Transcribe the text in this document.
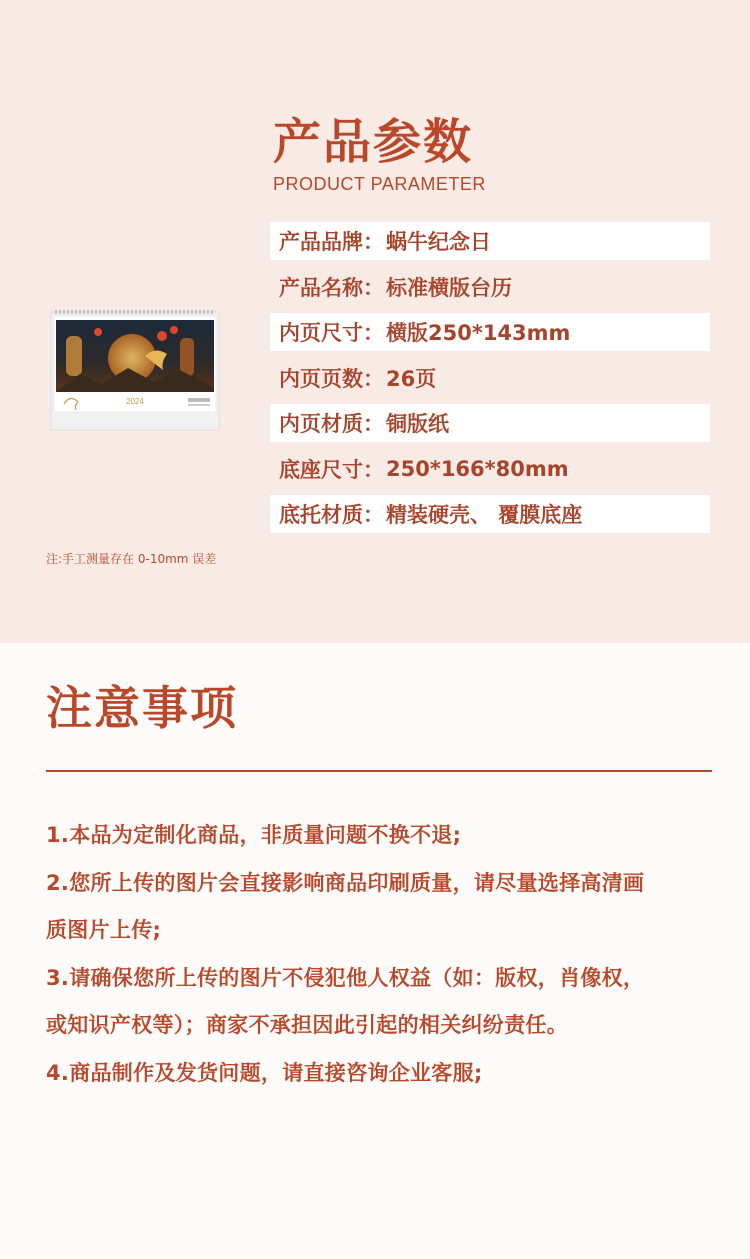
产品参数
PRODUCT PARAMETER
产品品牌： 蜗牛纪念日
产品名称： 标准横版台历
内页尺寸： 横版250*143mm
内页页数： 26页
内页材质： 铜版纸
底座尺寸： 250*166*80mm
底托材质： 精装硬壳、 覆膜底座
2024
注:手工测量存在 0-10mm 误差
注意事项

1.本品为定制化商品，非质量问题不换不退;

2.您所上传的图片会直接影响商品印刷质量，请尽量选择高清画

质图片上传;

3.请确保您所上传的图片不侵犯他人权益（如：版权，肖像权，

或知识产权等）；商家不承担因此引起的相关纠纷责任。

4.商品制作及发货问题，请直接咨询企业客服;
